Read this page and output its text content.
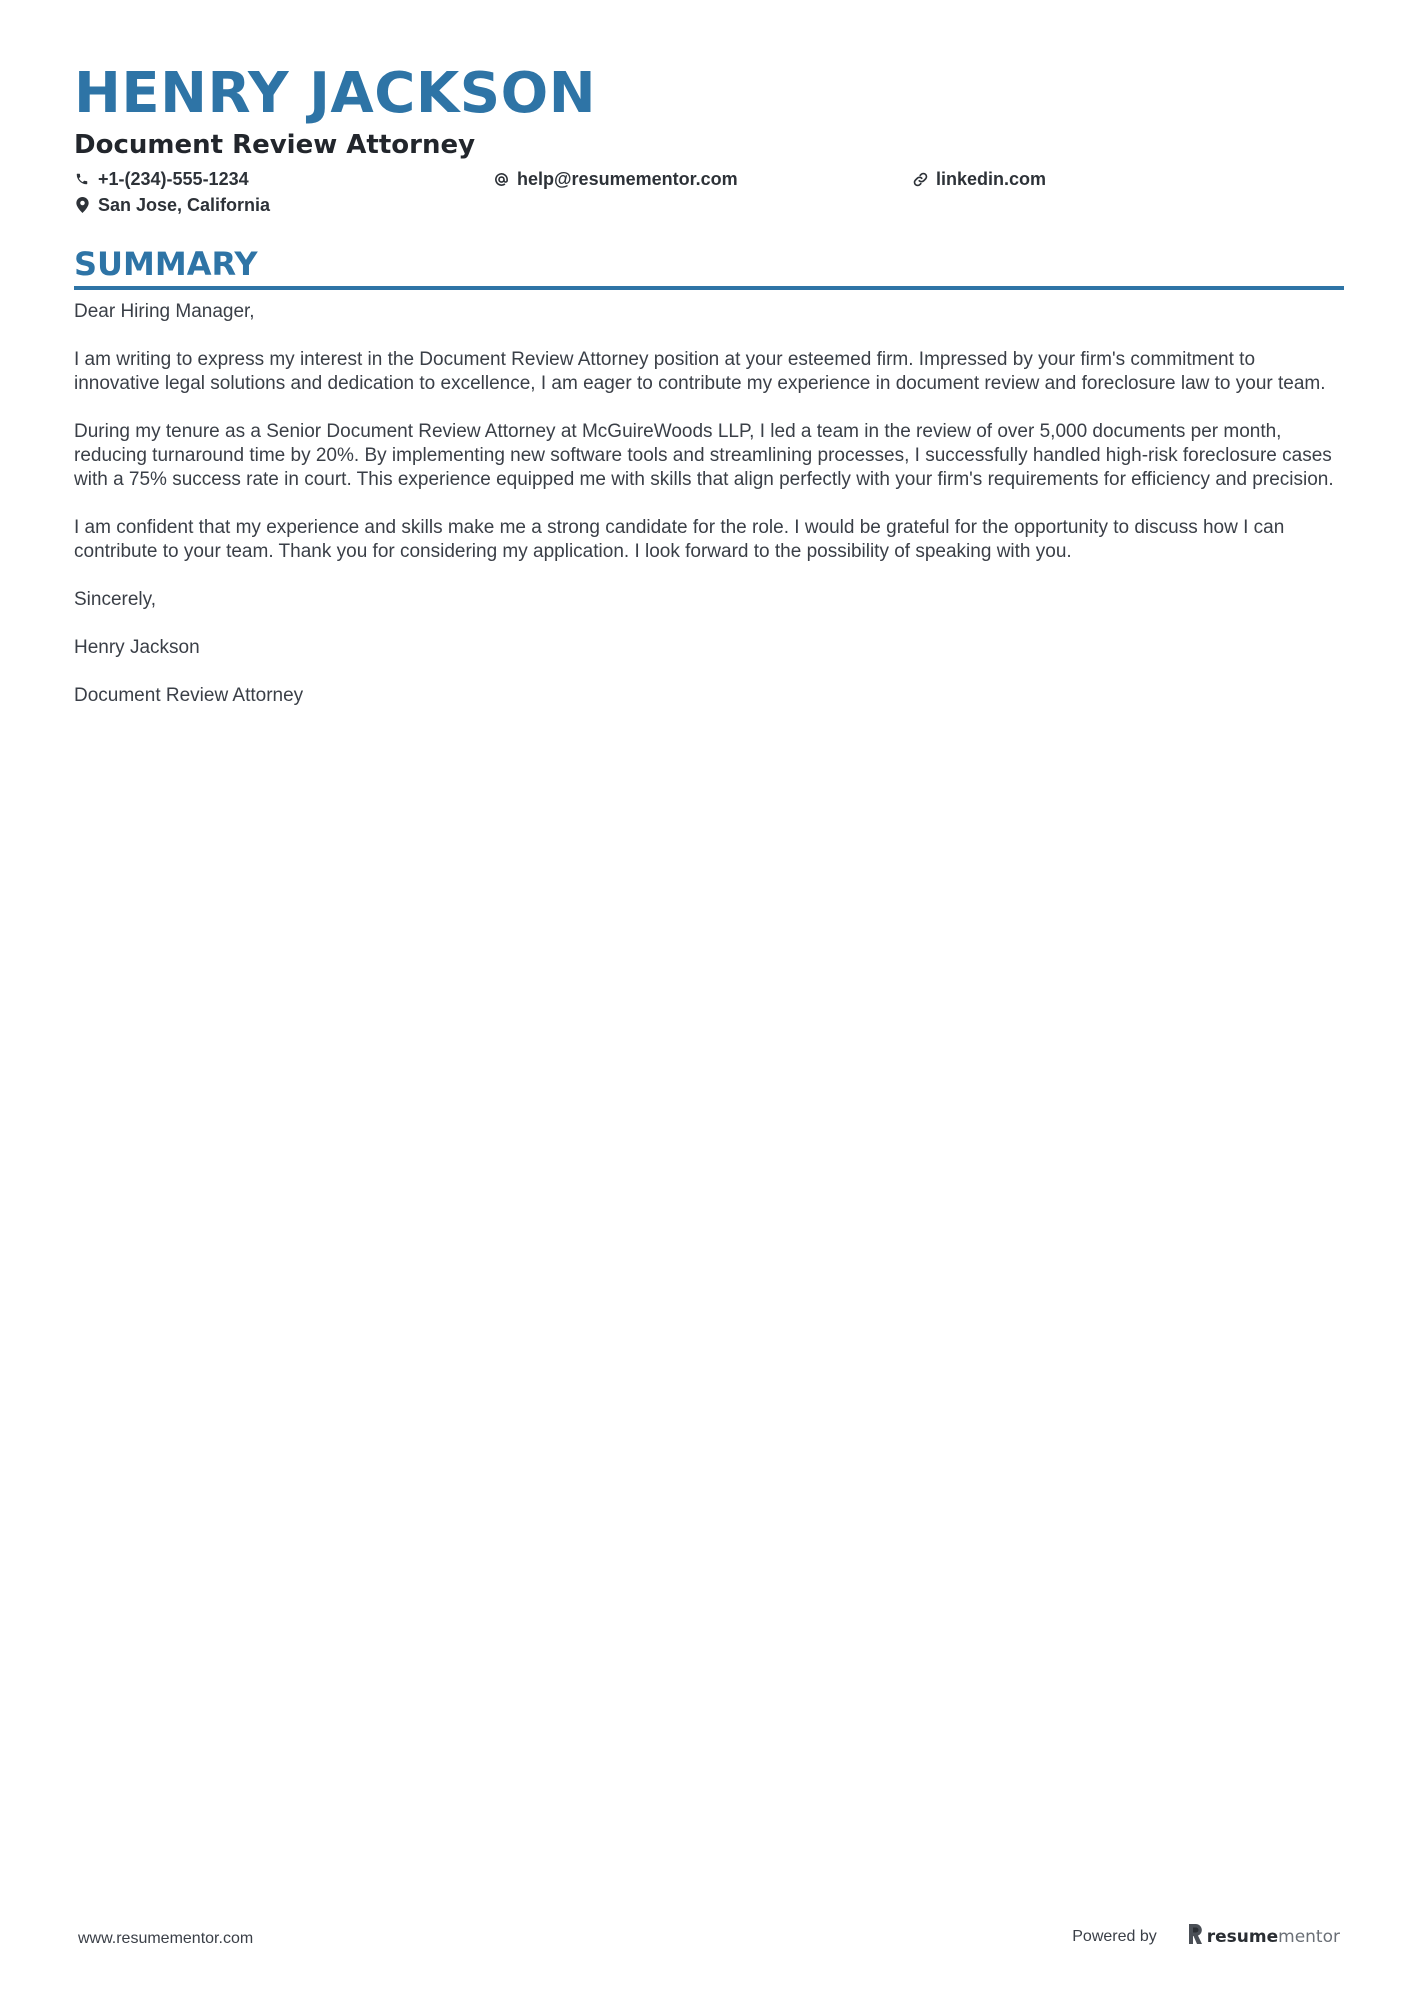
HENRY JACKSON
Document Review Attorney
+1-(234)-555-1234	help@resumementor.com	linkedin.com
San Jose, California
SUMMARY

Dear Hiring Manager,

I am writing to express my interest in the Document Review Attorney position at your esteemed firm. Impressed by your firm's commitment to innovative legal solutions and dedication to excellence, I am eager to contribute my experience in document review and foreclosure law to your team.

During my tenure as a Senior Document Review Attorney at McGuireWoods LLP, I led a team in the review of over 5,000 documents per month, reducing turnaround time by 20%. By implementing new software tools and streamlining processes, I successfully handled high-risk foreclosure cases with a 75% success rate in court. This experience equipped me with skills that align perfectly with your firm's requirements for efficiency and precision.

I am confident that my experience and skills make me a strong candidate for the role. I would be grateful for the opportunity to discuss how I can contribute to your team. Thank you for considering my application. I look forward to the possibility of speaking with you.

Sincerely,

Henry Jackson

Document Review Attorney

www.resumementor.com	Powered by	resume mentor
